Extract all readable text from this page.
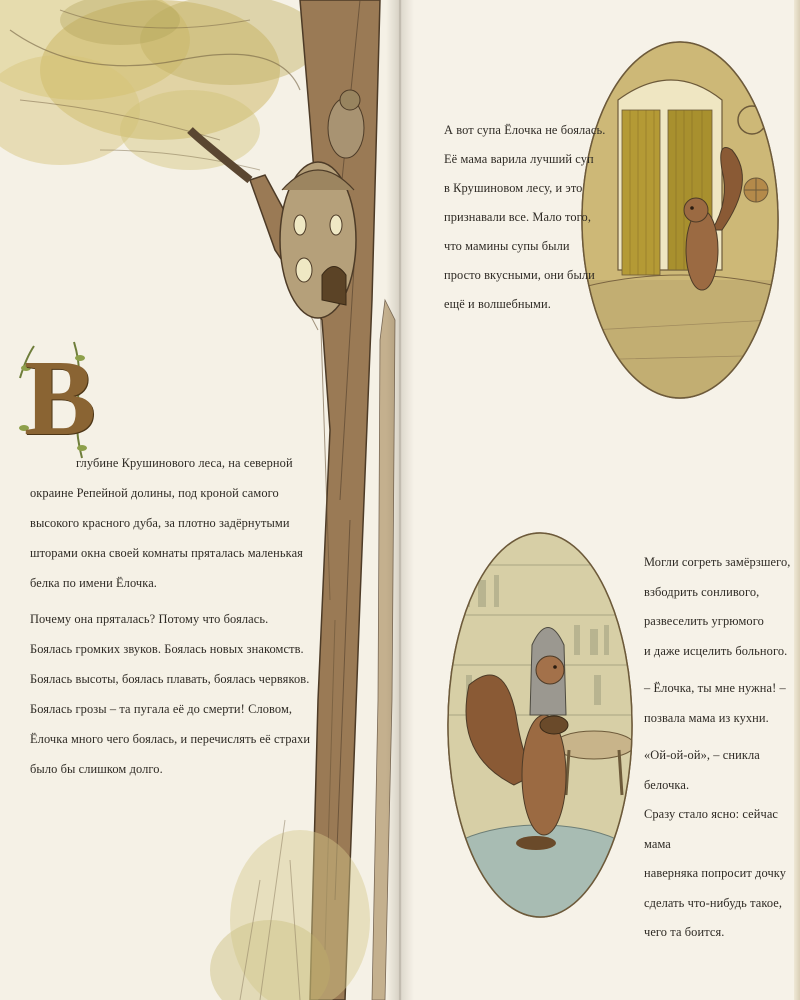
В

глубине Крушинового леса, на северной

окраине Репейной долины, под кроной самого

высокого красного дуба, за плотно задёрнутыми

шторами окна своей комнаты пряталась маленькая

белка по имени Ёлочка.

Почему она пряталась? Потому что боялась.

Боялась громких звуков. Боялась новых знакомств.

Боялась высоты, боялась плавать, боялась червяков.

Боялась грозы – та пугала её до смерти! Словом,

Ёлочка много чего боялась, и перечислять её страхи

было бы слишком долго.

А вот супа Ёлочка не боялась.

Её мама варила лучший суп

в Крушиновом лесу, и это

признавали все. Мало того,

что мамины супы были

просто вкусными, они были

ещё и волшебными.

Могли согреть замёрзшего,

взбодрить сонливого,

развеселить угрюмого

и даже исцелить больного.

– Ёлочка, ты мне нужна! –

позвала мама из кухни.

«Ой-ой-ой», – сникла белочка.

Сразу стало ясно: сейчас мама

наверняка попросит дочку

сделать что-нибудь такое,

чего та боится.
